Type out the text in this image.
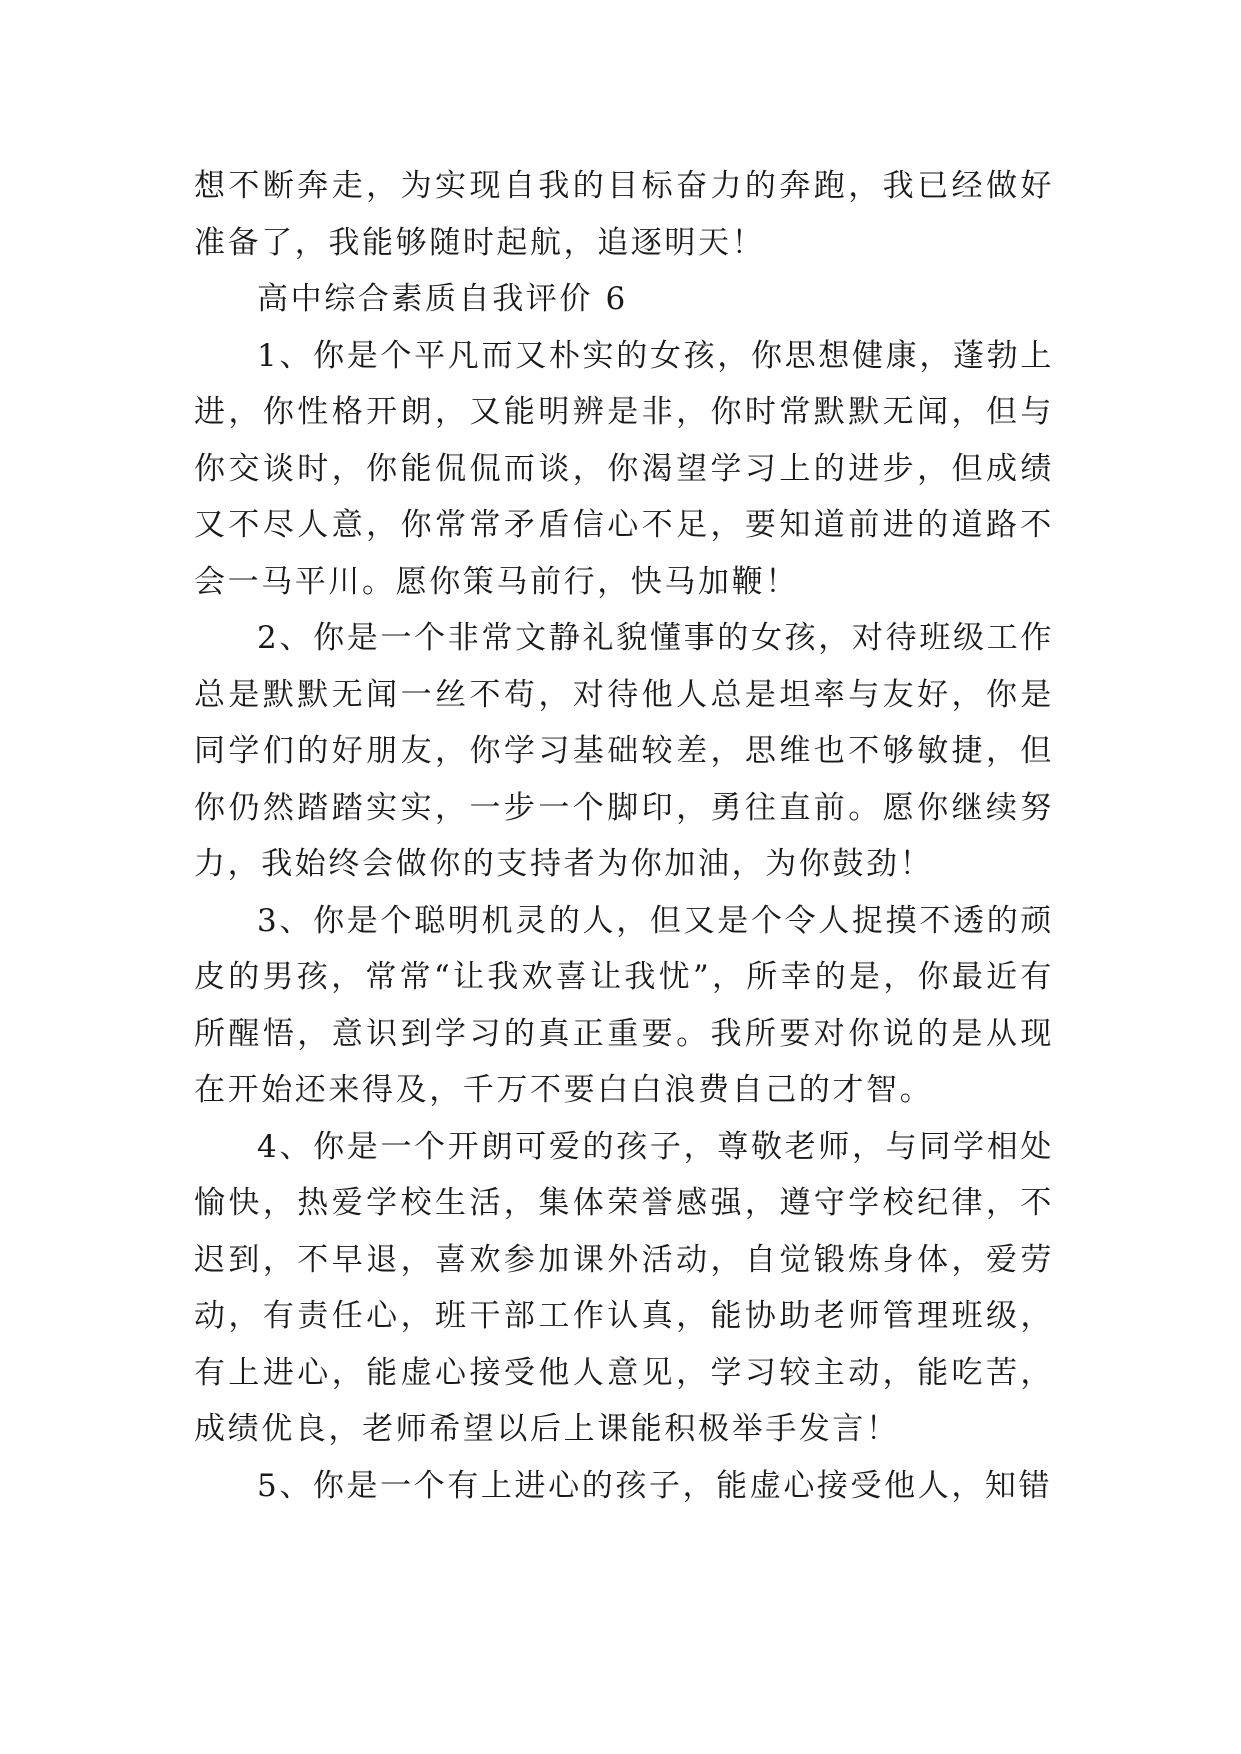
想不断奔走，为实现自我的目标奋力的奔跑，我已经做好准备了，我能够随时起航，追逐明天！

高中综合素质自我评价 6

1、你是个平凡而又朴实的女孩，你思想健康，蓬勃上进，你性格开朗，又能明辨是非，你时常默默无闻，但与你交谈时，你能侃侃而谈，你渴望学习上的进步，但成绩又不尽人意，你常常矛盾信心不足，要知道前进的道路不会一马平川。愿你策马前行，快马加鞭！

2、你是一个非常文静礼貌懂事的女孩，对待班级工作总是默默无闻一丝不苟，对待他人总是坦率与友好，你是同学们的好朋友，你学习基础较差，思维也不够敏捷，但你仍然踏踏实实，一步一个脚印，勇往直前。愿你继续努力，我始终会做你的支持者为你加油，为你鼓劲！

3、你是个聪明机灵的人，但又是个令人捉摸不透的顽皮的男孩，常常“让我欢喜让我忧”，所幸的是，你最近有所醒悟，意识到学习的真正重要。我所要对你说的是从现在开始还来得及，千万不要白白浪费自己的才智。

4、你是一个开朗可爱的孩子，尊敬老师，与同学相处愉快，热爱学校生活，集体荣誉感强，遵守学校纪律，不迟到，不早退，喜欢参加课外活动，自觉锻炼身体，爱劳动，有责任心，班干部工作认真，能协助老师管理班级，有上进心，能虚心接受他人意见，学习较主动，能吃苦，成绩优良，老师希望以后上课能积极举手发言！

5、你是一个有上进心的孩子，能虚心接受他人，知错
